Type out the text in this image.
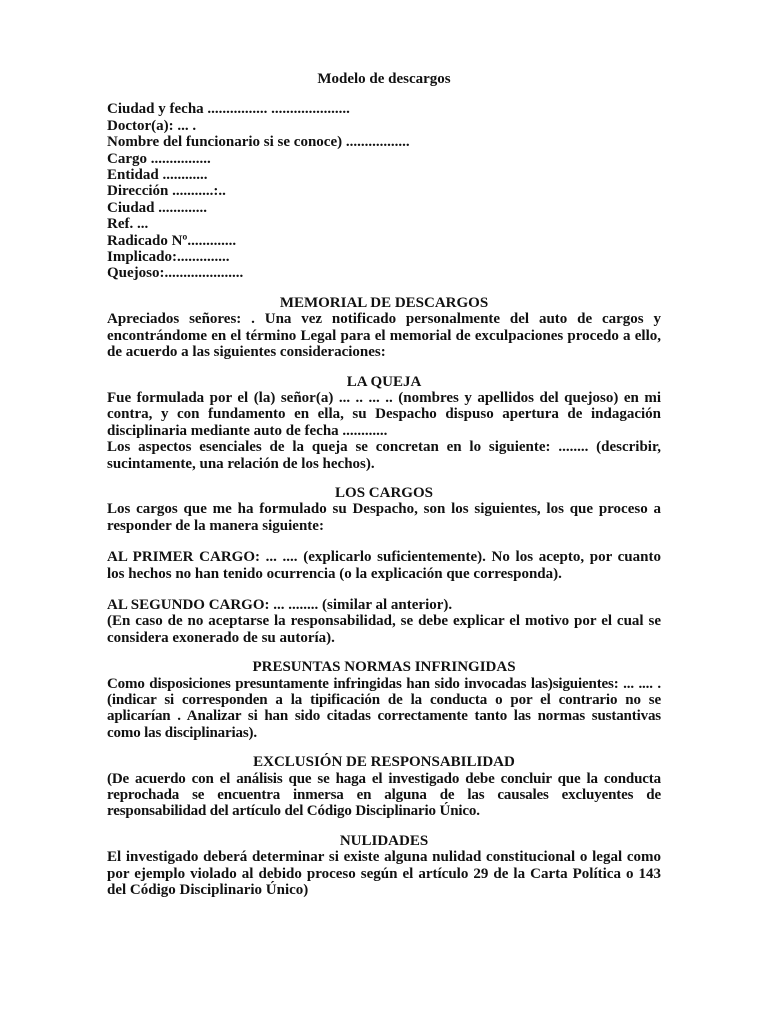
Modelo de descargos
Ciudad y fecha ................ .....................
Doctor(a): ... .
Nombre del funcionario si se conoce) .................
Cargo ................
Entidad ............
Dirección ...........:..
Ciudad .............
Ref. ...
Radicado Nº.............
Implicado:..............
Quejoso:.....................
MEMORIAL DE DESCARGOS

Apreciados señores: . Una vez notificado personalmente del auto de cargos y encontrándome en el término Legal para el memorial de exculpaciones procedo a ello, de acuerdo a las siguientes consideraciones:

LA QUEJA

Fue formulada por el (la) señor(a) ... .. ... .. (nombres y apellidos del quejoso) en mi contra, y con fundamento en ella, su Despacho dispuso apertura de indagación disciplinaria mediante auto de fecha ............

Los aspectos esenciales de la queja se concretan en lo siguiente: ........ (describir, sucintamente, una relación de los hechos).

LOS CARGOS

Los cargos que me ha formulado su Despacho, son los siguientes, los que proceso a responder de la manera siguiente:

AL PRIMER CARGO: ... .... (explicarlo suficientemente). No los acepto, por cuanto los hechos no han tenido ocurrencia (o la explicación que corresponda).

AL SEGUNDO CARGO: ... ........ (similar al anterior).

(En caso de no aceptarse la responsabilidad, se debe explicar el motivo por el cual se considera exonerado de su autoría).

PRESUNTAS NORMAS INFRINGIDAS

Como disposiciones presuntamente infringidas han sido invocadas las)siguientes: ... .... . (indicar si corresponden a la tipificación de la conducta o por el contrario no se aplicarían . Analizar si han sido citadas correctamente tanto las normas sustantivas como las disciplinarias).

EXCLUSIÓN DE RESPONSABILIDAD

(De acuerdo con el análisis que se haga el investigado debe concluir que la conducta reprochada se encuentra inmersa en alguna de las causales excluyentes de responsabilidad del artículo del Código Disciplinario Único.

NULIDADES

El investigado deberá determinar si existe alguna nulidad constitucional o legal como por ejemplo violado al debido proceso según el artículo 29 de la Carta Política o 143 del Código Disciplinario Único)
